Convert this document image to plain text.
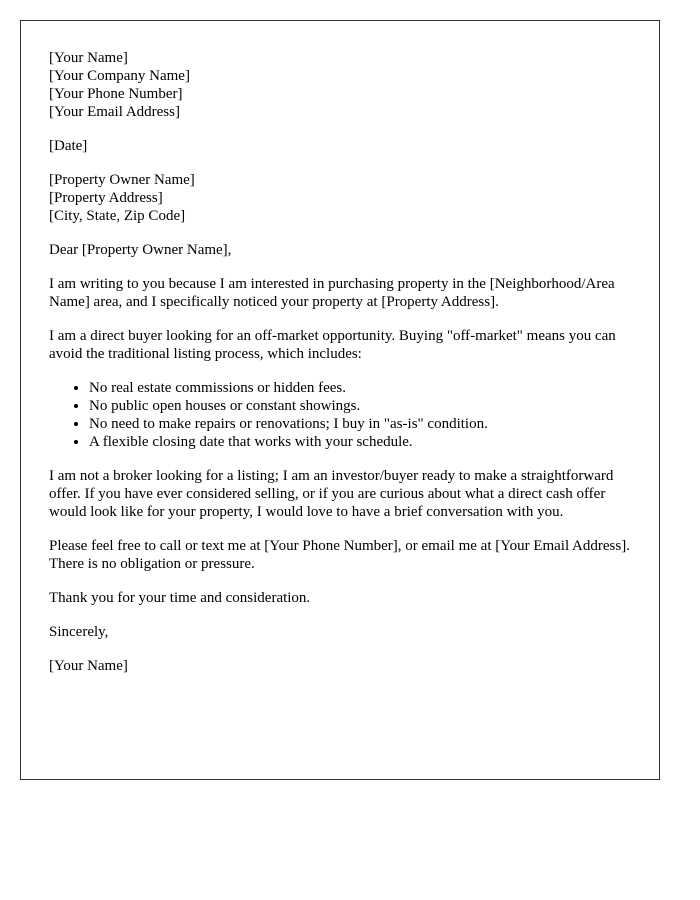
[Your Name]
[Your Company Name]
[Your Phone Number]
[Your Email Address]
[Date]
[Property Owner Name]
[Property Address]
[City, State, Zip Code]

Dear [Property Owner Name],

I am writing to you because I am interested in purchasing property in the [Neighborhood/Area Name] area, and I specifically noticed your property at [Property Address].

I am a direct buyer looking for an off-market opportunity. Buying "off-market" means you can avoid the traditional listing process, which includes:

• No real estate commissions or hidden fees.
• No public open houses or constant showings.
• No need to make repairs or renovations; I buy in "as-is" condition.
• A flexible closing date that works with your schedule.

I am not a broker looking for a listing; I am an investor/buyer ready to make a straightforward offer. If you have ever considered selling, or if you are curious about what a direct cash offer would look like for your property, I would love to have a brief conversation with you.

Please feel free to call or text me at [Your Phone Number], or email me at [Your Email Address]. There is no obligation or pressure.

Thank you for your time and consideration.

Sincerely,

[Your Name]
